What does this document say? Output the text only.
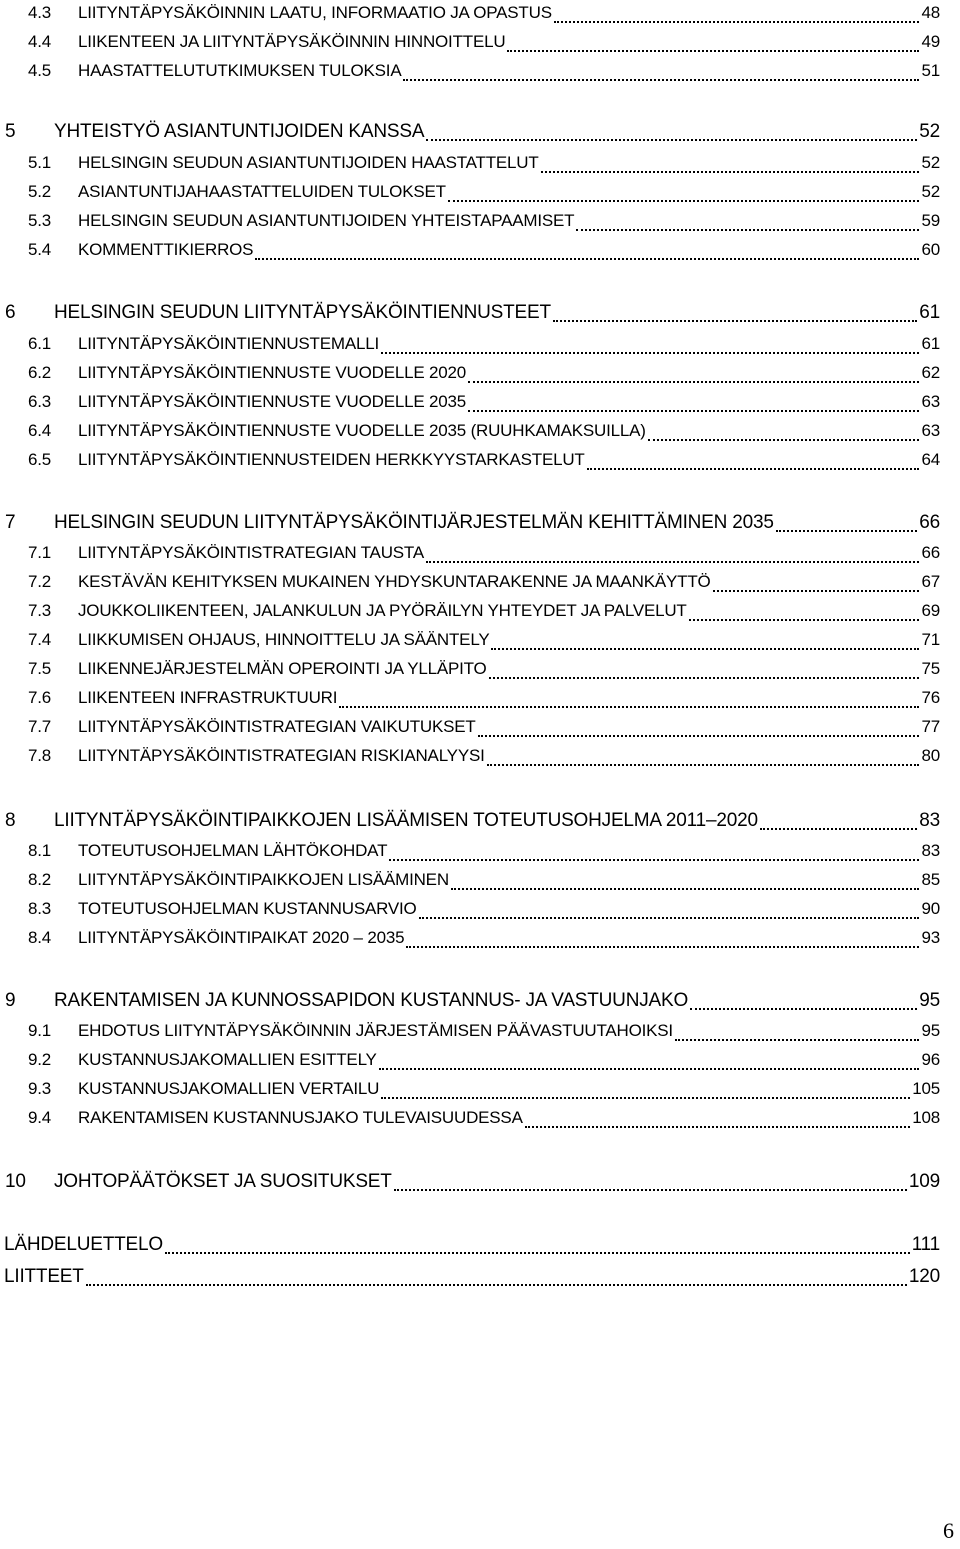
4.3	LIITYNTÄPYSÄKÖINNIN LAATU, INFORMAATIO JA OPASTUS	48
4.4	LIIKENTEEN JA LIITYNTÄPYSÄKÖINNIN HINNOITTELU	49
4.5	HAASTATTELUTUTKIMUKSEN TULOKSIA	51
5	YHTEISTYÖ ASIANTUNTIJOIDEN KANSSA	52
5.1	HELSINGIN SEUDUN ASIANTUNTIJOIDEN HAASTATTELUT	52
5.2	ASIANTUNTIJAHAASTATTELUIDEN TULOKSET	52
5.3	HELSINGIN SEUDUN ASIANTUNTIJOIDEN YHTEISTAPAAMISET	59
5.4	KOMMENTTIKIERROS	60
6	HELSINGIN SEUDUN LIITYNTÄPYSÄKÖINTIENNUSTEET	61
6.1	LIITYNTÄPYSÄKÖINTIENNUSTEMALLI	61
6.2	LIITYNTÄPYSÄKÖINTIENNUSTE VUODELLE 2020	62
6.3	LIITYNTÄPYSÄKÖINTIENNUSTE VUODELLE 2035	63
6.4	LIITYNTÄPYSÄKÖINTIENNUSTE VUODELLE 2035 (RUUHKAMAKSUILLA)	63
6.5	LIITYNTÄPYSÄKÖINTIENNUSTEIDEN HERKKYYSTARKASTELUT	64
7	HELSINGIN SEUDUN LIITYNTÄPYSÄKÖINTIJÄRJESTELMÄN KEHITTÄMINEN 2035	66
7.1	LIITYNTÄPYSÄKÖINTISTRATEGIAN TAUSTA	66
7.2	KESTÄVÄN KEHITYKSEN MUKAINEN YHDYSKUNTARAKENNE JA MAANKÄYTTÖ	67
7.3	JOUKKOLIIKENTEEN, JALANKULUN JA PYÖRÄILYN YHTEYDET JA PALVELUT	69
7.4	LIIKKUMISEN OHJAUS, HINNOITTELU JA SÄÄNTELY	71
7.5	LIIKENNEJÄRJESTELMÄN OPEROINTI JA YLLÄPITO	75
7.6	LIIKENTEEN INFRASTRUKTUURI	76
7.7	LIITYNTÄPYSÄKÖINTISTRATEGIAN VAIKUTUKSET	77
7.8	LIITYNTÄPYSÄKÖINTISTRATEGIAN RISKIANALYYSI	80
8	LIITYNTÄPYSÄKÖINTIPAIKKOJEN LISÄÄMISEN TOTEUTUSOHJELMA 2011–2020	83
8.1	TOTEUTUSOHJELMAN LÄHTÖKOHDAT	83
8.2	LIITYNTÄPYSÄKÖINTIPAIKKOJEN LISÄÄMINEN	85
8.3	TOTEUTUSOHJELMAN KUSTANNUSARVIO	90
8.4	LIITYNTÄPYSÄKÖINTIPAIKAT 2020 – 2035	93
9	RAKENTAMISEN JA KUNNOSSAPIDON KUSTANNUS- JA VASTUUNJAKO	95
9.1	EHDOTUS LIITYNTÄPYSÄKÖINNIN JÄRJESTÄMISEN PÄÄVASTUUTAHOIKSI	95
9.2	KUSTANNUSJAKOMALLIEN ESITTELY	96
9.3	KUSTANNUSJAKOMALLIEN VERTAILU	105
9.4	RAKENTAMISEN KUSTANNUSJAKO TULEVAISUUDESSA	108
10	JOHTOPÄÄTÖKSET JA SUOSITUKSET	109
LÄHDELUETTELO	111
LIITTEET	120
6
